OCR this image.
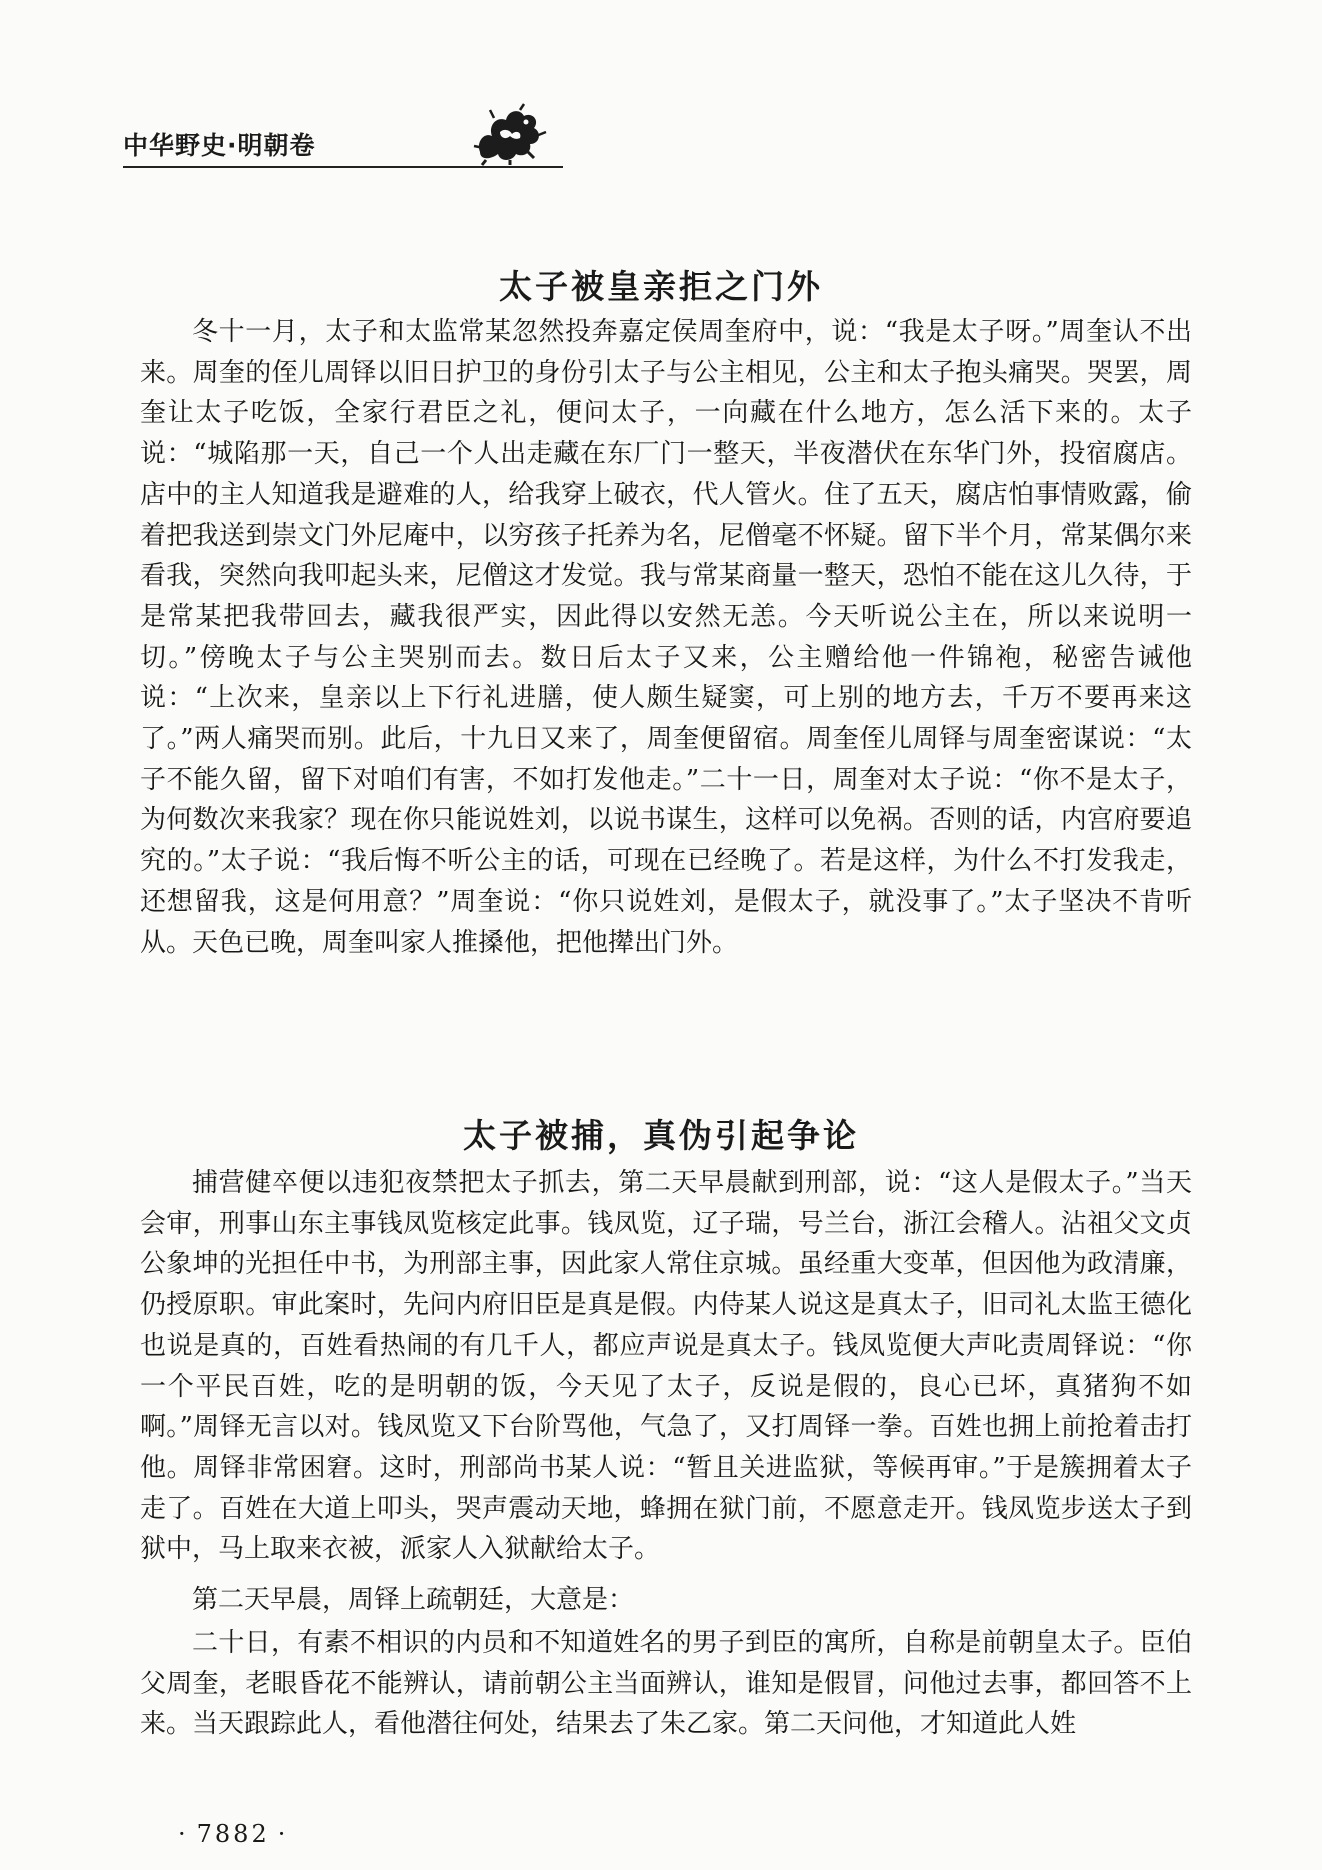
中华野史·明朝卷
太子被皇亲拒之门外

冬十一月，太子和太监常某忽然投奔嘉定侯周奎府中，说：“我是太子呀。”周奎认不出来。周奎的侄儿周铎以旧日护卫的身份引太子与公主相见，公主和太子抱头痛哭。哭罢，周奎让太子吃饭，全家行君臣之礼，便问太子，一向藏在什么地方，怎么活下来的。太子说：“城陷那一天，自己一个人出走藏在东厂门一整天，半夜潜伏在东华门外，投宿腐店。店中的主人知道我是避难的人，给我穿上破衣，代人管火。住了五天，腐店怕事情败露，偷着把我送到崇文门外尼庵中，以穷孩子托养为名，尼僧毫不怀疑。留下半个月，常某偶尔来看我，突然向我叩起头来，尼僧这才发觉。我与常某商量一整天，恐怕不能在这儿久待，于是常某把我带回去，藏我很严实，因此得以安然无恙。今天听说公主在，所以来说明一切。”傍晚太子与公主哭别而去。数日后太子又来，公主赠给他一件锦袍，秘密告诫他说：“上次来，皇亲以上下行礼进膳，使人颇生疑窦，可上别的地方去，千万不要再来这了。”两人痛哭而别。此后，十九日又来了，周奎便留宿。周奎侄儿周铎与周奎密谋说：“太子不能久留，留下对咱们有害，不如打发他走。”二十一日，周奎对太子说：“你不是太子，为何数次来我家？现在你只能说姓刘，以说书谋生，这样可以免祸。否则的话，内宫府要追究的。”太子说：“我后悔不听公主的话，可现在已经晚了。若是这样，为什么不打发我走，还想留我，这是何用意？”周奎说：“你只说姓刘，是假太子，就没事了。”太子坚决不肯听从。天色已晚，周奎叫家人推搡他，把他撵出门外。

太子被捕，真伪引起争论

捕营健卒便以违犯夜禁把太子抓去，第二天早晨献到刑部，说：“这人是假太子。”当天会审，刑事山东主事钱凤览核定此事。钱凤览，辽子瑞，号兰台，浙江会稽人。沾祖父文贞公象坤的光担任中书，为刑部主事，因此家人常住京城。虽经重大变革，但因他为政清廉，仍授原职。审此案时，先问内府旧臣是真是假。内侍某人说这是真太子，旧司礼太监王德化也说是真的，百姓看热闹的有几千人，都应声说是真太子。钱凤览便大声叱责周铎说：“你一个平民百姓，吃的是明朝的饭，今天见了太子，反说是假的，良心已坏，真猪狗不如啊。”周铎无言以对。钱凤览又下台阶骂他，气急了，又打周铎一拳。百姓也拥上前抢着击打他。周铎非常困窘。这时，刑部尚书某人说：“暂且关进监狱，等候再审。”于是簇拥着太子走了。百姓在大道上叩头，哭声震动天地，蜂拥在狱门前，不愿意走开。钱凤览步送太子到狱中，马上取来衣被，派家人入狱献给太子。

第二天早晨，周铎上疏朝廷，大意是：

二十日，有素不相识的内员和不知道姓名的男子到臣的寓所，自称是前朝皇太子。臣伯父周奎，老眼昏花不能辨认，请前朝公主当面辨认，谁知是假冒，问他过去事，都回答不上来。当天跟踪此人，看他潜往何处，结果去了朱乙家。第二天问他，才知道此人姓

· 7882 ·
